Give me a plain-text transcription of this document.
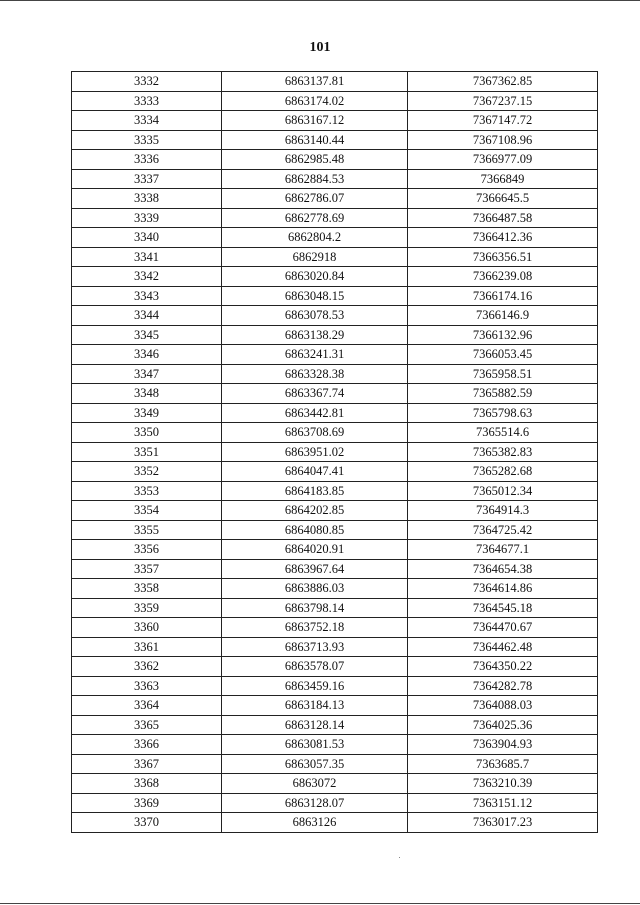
101
3332	6863137.81	7367362.85
3333	6863174.02	7367237.15
3334	6863167.12	7367147.72
3335	6863140.44	7367108.96
3336	6862985.48	7366977.09
3337	6862884.53	7366849
3338	6862786.07	7366645.5
3339	6862778.69	7366487.58
3340	6862804.2	7366412.36
3341	6862918	7366356.51
3342	6863020.84	7366239.08
3343	6863048.15	7366174.16
3344	6863078.53	7366146.9
3345	6863138.29	7366132.96
3346	6863241.31	7366053.45
3347	6863328.38	7365958.51
3348	6863367.74	7365882.59
3349	6863442.81	7365798.63
3350	6863708.69	7365514.6
3351	6863951.02	7365382.83
3352	6864047.41	7365282.68
3353	6864183.85	7365012.34
3354	6864202.85	7364914.3
3355	6864080.85	7364725.42
3356	6864020.91	7364677.1
3357	6863967.64	7364654.38
3358	6863886.03	7364614.86
3359	6863798.14	7364545.18
3360	6863752.18	7364470.67
3361	6863713.93	7364462.48
3362	6863578.07	7364350.22
3363	6863459.16	7364282.78
3364	6863184.13	7364088.03
3365	6863128.14	7364025.36
3366	6863081.53	7363904.93
3367	6863057.35	7363685.7
3368	6863072	7363210.39
3369	6863128.07	7363151.12
3370	6863126	7363017.23
